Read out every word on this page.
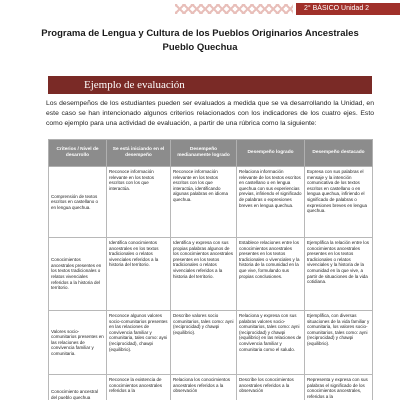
2° BÁSICO Unidad 2
Programa de Lengua y Cultura de los Pueblos Originarios Ancestrales
Pueblo Quechua
Ejemplo de evaluación

Los desempeños de los estudiantes pueden ser evaluados a medida que se va desarrollando la Unidad, en este caso se han intencionado algunos criterios relacionados con los indicadores de los cuatro ejes. Esto como ejemplo para una actividad de evaluación, a partir de una rúbrica como la siguiente:

Criterios / Nivel de desarrollo	Se está iniciando en el desempeño	Desempeño medianamente logrado	Desempeño logrado	Desempeño destacado
Comprensión de textos escritos en castellano o en lengua quechua.	Reconoce información relevante en los textos escritos con los que interactúa.	Reconoce información relevante en los textos escritos con los que interactúa, identificando algunas palabras en idioma quechua.	Relaciona información relevante de los textos escritos en castellano o en lengua quechua con sus experiencias previas, infiriendo el significado de palabras o expresiones breves en lengua quechua.	Expresa con sus palabras el mensaje y la intención comunicativa de los textos escritos en castellano o en lengua quechua, infiriendo el significado de palabras o expresiones breves en lengua quechua.
Conocimientos ancestrales presentes en los textos tradicionales o relatos vivenciales referidos a la historia del territorio.	Identifica conocimientos ancestrales en los textos tradicionales o relatos vivenciales referidos a la historia del territorio.	Identifica y expresa con sus propias palabras algunos de los conocimientos ancestrales presentes en los textos tradicionales o relatos vivenciales referidos a la historia del territorio.	Establece relaciones entre los conocimientos ancestrales presentes en los textos tradicionales o vivenciales y la historia de la comunidad en la que vive, formulando sus propias conclusiones.	Ejemplifica la relación entre los conocimientos ancestrales presentes en los textos tradicionales o relatos vivenciales y la historia de la comunidad en la que vive, a partir de situaciones de la vida cotidiana.
Valores socio-comunitarios presentes en las relaciones de convivencia familiar y comunitaria.	Reconoce algunos valores socio-comunitarios presentes en las relaciones de convivencia familiar y comunitaria, tales como: ayni (reciprocidad), chawpi (equilibrio).	Describe valores socio comunitarios, tales como: ayni (reciprocidad) y chawpi (equilibrio).	Relaciona y expresa con sus palabras valores socio-comunitarios, tales como: ayni (reciprocidad) y chawpi (equilibrio) en las relaciones de convivencia familiar y comunitaria como el saludo.	Ejemplifica, con diversas situaciones de la vida familiar y comunitaria, los valores socio-comunitarios, tales como: ayni (reciprocidad) y chawpi (equilibrio).
Conocimiento ancestral del pueblo quechua	Reconoce la existencia de conocimientos ancestrales referidos a la	Relaciona los conocimientos ancestrales referidos a la observación	Describe los conocimientos ancestrales referidos a la observación	Representa y expresa con sus palabras el significado de los conocimientos ancestrales, referidos a la
